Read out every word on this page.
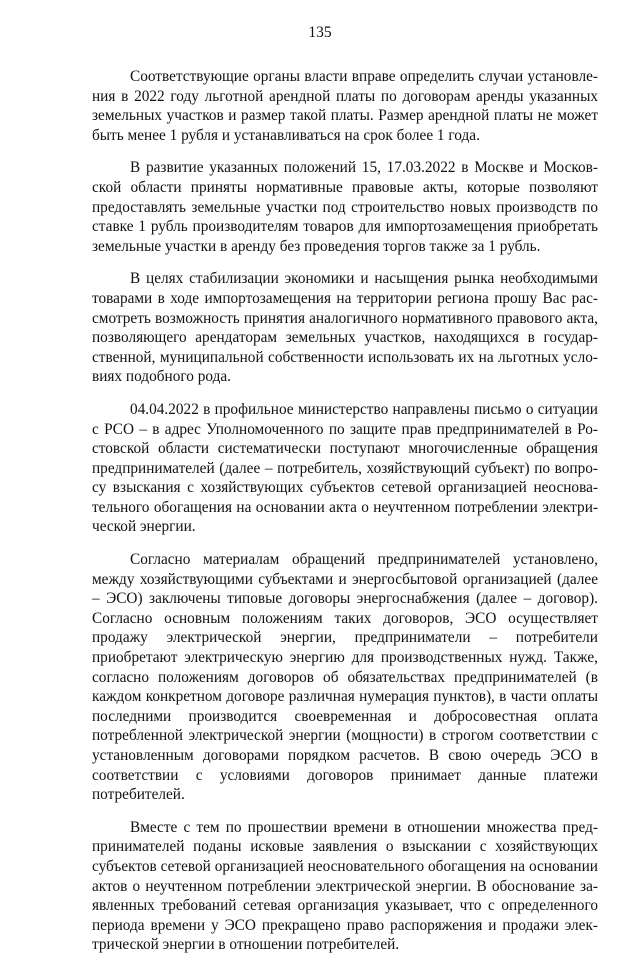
135

Соответствующие органы власти вправе определить случаи установления в 2022 году льготной арендной платы по договорам аренды указанных земельных участков и размер такой платы. Размер арендной платы не может быть менее 1 рубля и устанавливаться на срок более 1 года.

В развитие указанных положений 15, 17.03.2022 в Москве и Московской области приняты нормативные правовые акты, которые позволяют предоставлять земельные участки под строительство новых производств по ставке 1 рубль производителям товаров для импортозамещения приобретать земельные участки в аренду без проведения торгов также за 1 рубль.

В целях стабилизации экономики и насыщения рынка необходимыми товарами в ходе импортозамещения на территории региона прошу Вас рассмотреть возможность принятия аналогичного нормативного правового акта, позволяющего арендаторам земельных участков, находящихся в государственной, муниципальной собственности использовать их на льготных условиях подобного рода.

04.04.2022 в профильное министерство направлены письмо о ситуации с РСО – в адрес Уполномоченного по защите прав предпринимателей в Ростовской области систематически поступают многочисленные обращения предпринимателей (далее – потребитель, хозяйствующий субъект) по вопросу взыскания с хозяйствующих субъектов сетевой организацией неосновательного обогащения на основании акта о неучтенном потреблении электрической энергии.

Согласно материалам обращений предпринимателей установлено, между хозяйствующими субъектами и энергосбытовой организацией (далее – ЭСО) заключены типовые договоры энергоснабжения (далее – договор). Согласно основным положениям таких договоров, ЭСО осуществляет продажу электрической энергии, предприниматели – потребители приобретают электрическую энергию для производственных нужд. Также, согласно положениям договоров об обязательствах предпринимателей (в каждом конкретном договоре различная нумерация пунктов), в части оплаты последними производится своевременная и добросовестная оплата потребленной электрической энергии (мощности) в строгом соответствии с установленным договорами порядком расчетов. В свою очередь ЭСО в соответствии с условиями договоров принимает данные платежи потребителей.

Вместе с тем по прошествии времени в отношении множества предпринимателей поданы исковые заявления о взыскании с хозяйствующих субъектов сетевой организацией неосновательного обогащения на основании актов о неучтенном потреблении электрической энергии. В обоснование заявленных требований сетевая организация указывает, что с определенного периода времени у ЭСО прекращено право распоряжения и продажи электрической энергии в отношении потребителей.
